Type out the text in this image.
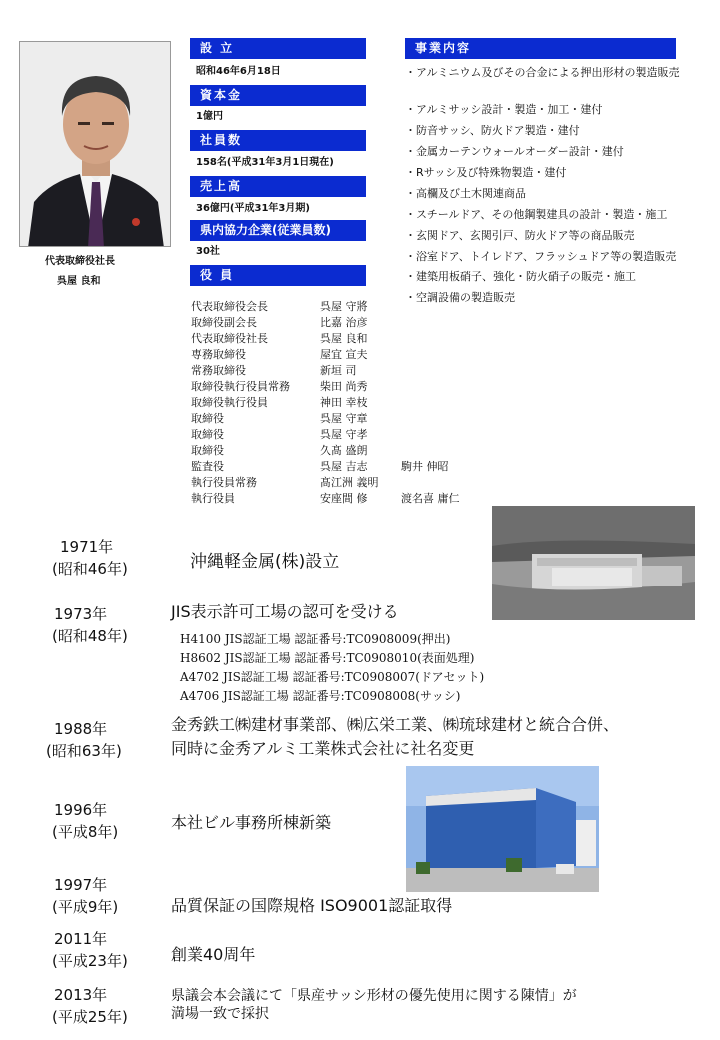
代表取締役社長
呉屋 良和
設 立
昭和46年6月18日
資本金
1億円
社員数
158名(平成31年3月1日現在)
売上高
36億円(平成31年3月期)
県内協力企業(従業員数)
30社
役 員
事業内容
・アルミニウム及びその合金による押出形材の製造販売
・アルミサッシ設計・製造・加工・建付
・防音サッシ、防火ドア製造・建付
・金属カーテンウォールオーダー設計・建付
・Rサッシ及び特殊物製造・建付
・高欄及び土木関連商品
・スチールドア、その他鋼製建具の設計・製造・施工
・玄関ドア、玄関引戸、防火ドア等の商品販売
・浴室ドア、トイレドア、フラッシュドア等の製造販売
・建築用板硝子、強化・防火硝子の販売・施工
・空調設備の製造販売
代表取締役会長	呉屋 守將
取締役副会長	比嘉 治彦
代表取締役社長	呉屋 良和
専務取締役	屋宜 宣夫
常務取締役	新垣 司
取締役執行役員常務	柴田 尚秀
取締役執行役員	神田 幸枝
取締役	呉屋 守章
取締役	呉屋 守孝
取締役	久髙 盛朗
監査役	呉屋 吉志	駒井 伸昭
執行役員常務	髙江洲 義明
執行役員	安座間 修	渡名喜 庸仁
1971年
(昭和46年)	沖縄軽金属(株)設立
1973年
(昭和48年)
JIS表示許可工場の認可を受ける
H4100 JIS認証工場 認証番号:TC0908009(押出)
H8602 JIS認証工場 認証番号:TC0908010(表面処理)
A4702 JIS認証工場 認証番号:TC0908007(ドアセット)
A4706 JIS認証工場 認証番号:TC0908008(サッシ)
1988年
(昭和63年)
金秀鉄工㈱建材事業部、㈱広栄工業、㈱琉球建材と統合合併、
同時に金秀アルミ工業株式会社に社名変更
1996年
(平成8年)	本社ビル事務所棟新築
1997年
(平成9年)	品質保証の国際規格 ISO9001認証取得
2011年
(平成23年)	創業40周年
2013年
(平成25年)
県議会本会議にて「県産サッシ形材の優先使用に関する陳情」が
満場一致で採択
